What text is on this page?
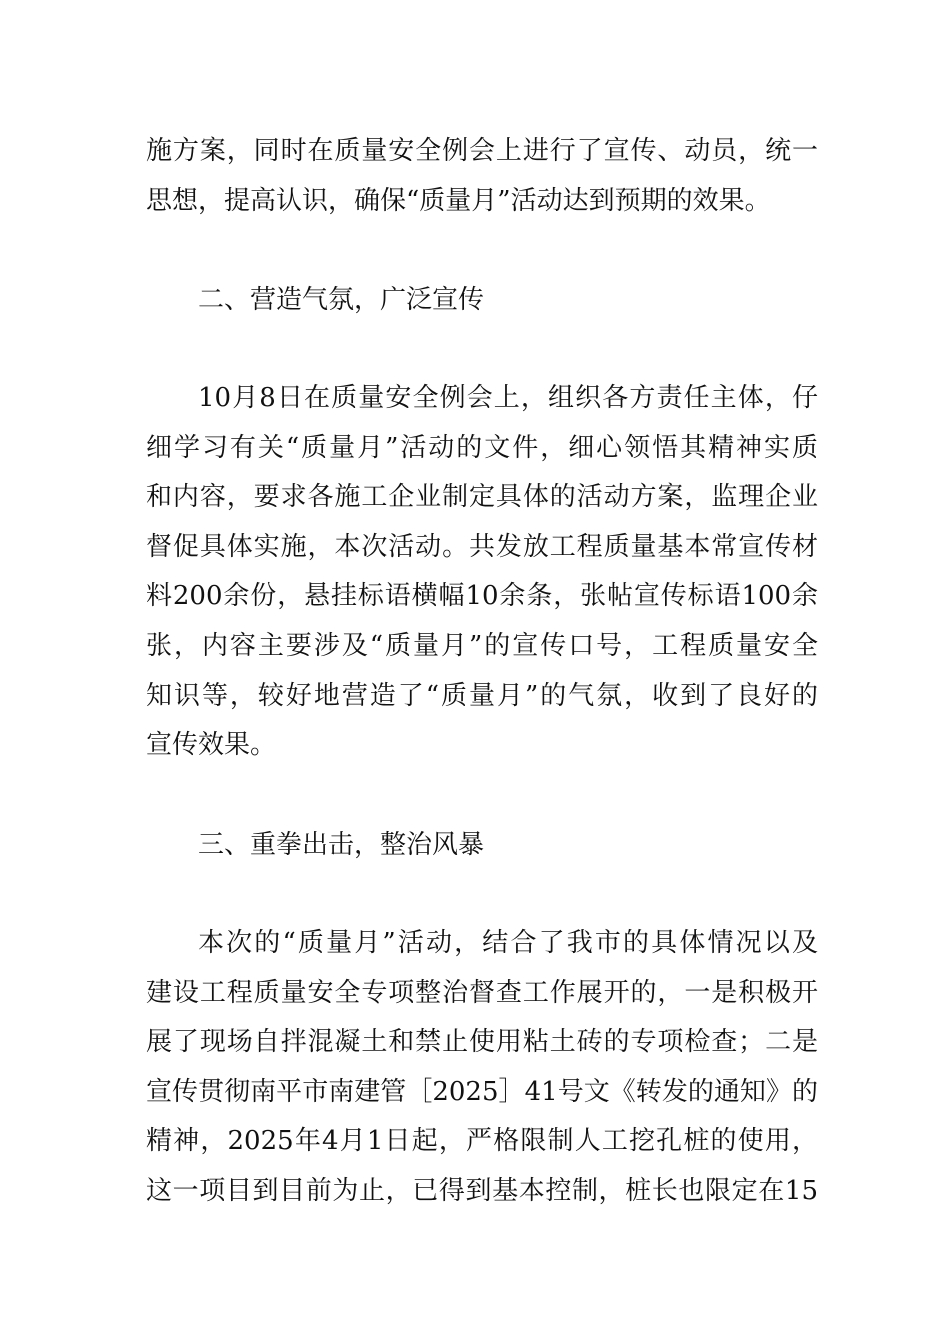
施方案，同时在质量安全例会上进行了宣传、动员，统一
思想，提高认识，确保“质量月”活动达到预期的效果。
二、营造气氛，广泛宣传
10月8日在质量安全例会上，组织各方责任主体，仔
细学习有关“质量月”活动的文件，细心领悟其精神实质
和内容，要求各施工企业制定具体的活动方案，监理企业
督促具体实施，本次活动。共发放工程质量基本常宣传材
料200余份，悬挂标语横幅10余条，张帖宣传标语100余
张，内容主要涉及“质量月”的宣传口号，工程质量安全
知识等，较好地营造了“质量月”的气氛，收到了良好的
宣传效果。
三、重拳出击，整治风暴
本次的“质量月”活动，结合了我市的具体情况以及
建设工程质量安全专项整治督查工作展开的，一是积极开
展了现场自拌混凝土和禁止使用粘土砖的专项检查；二是
宣传贯彻南平市南建管［2025］41号文《转发的通知》的
精神，2025年4月1日起，严格限制人工挖孔桩的使用，
这一项目到目前为止，已得到基本控制，桩长也限定在15
